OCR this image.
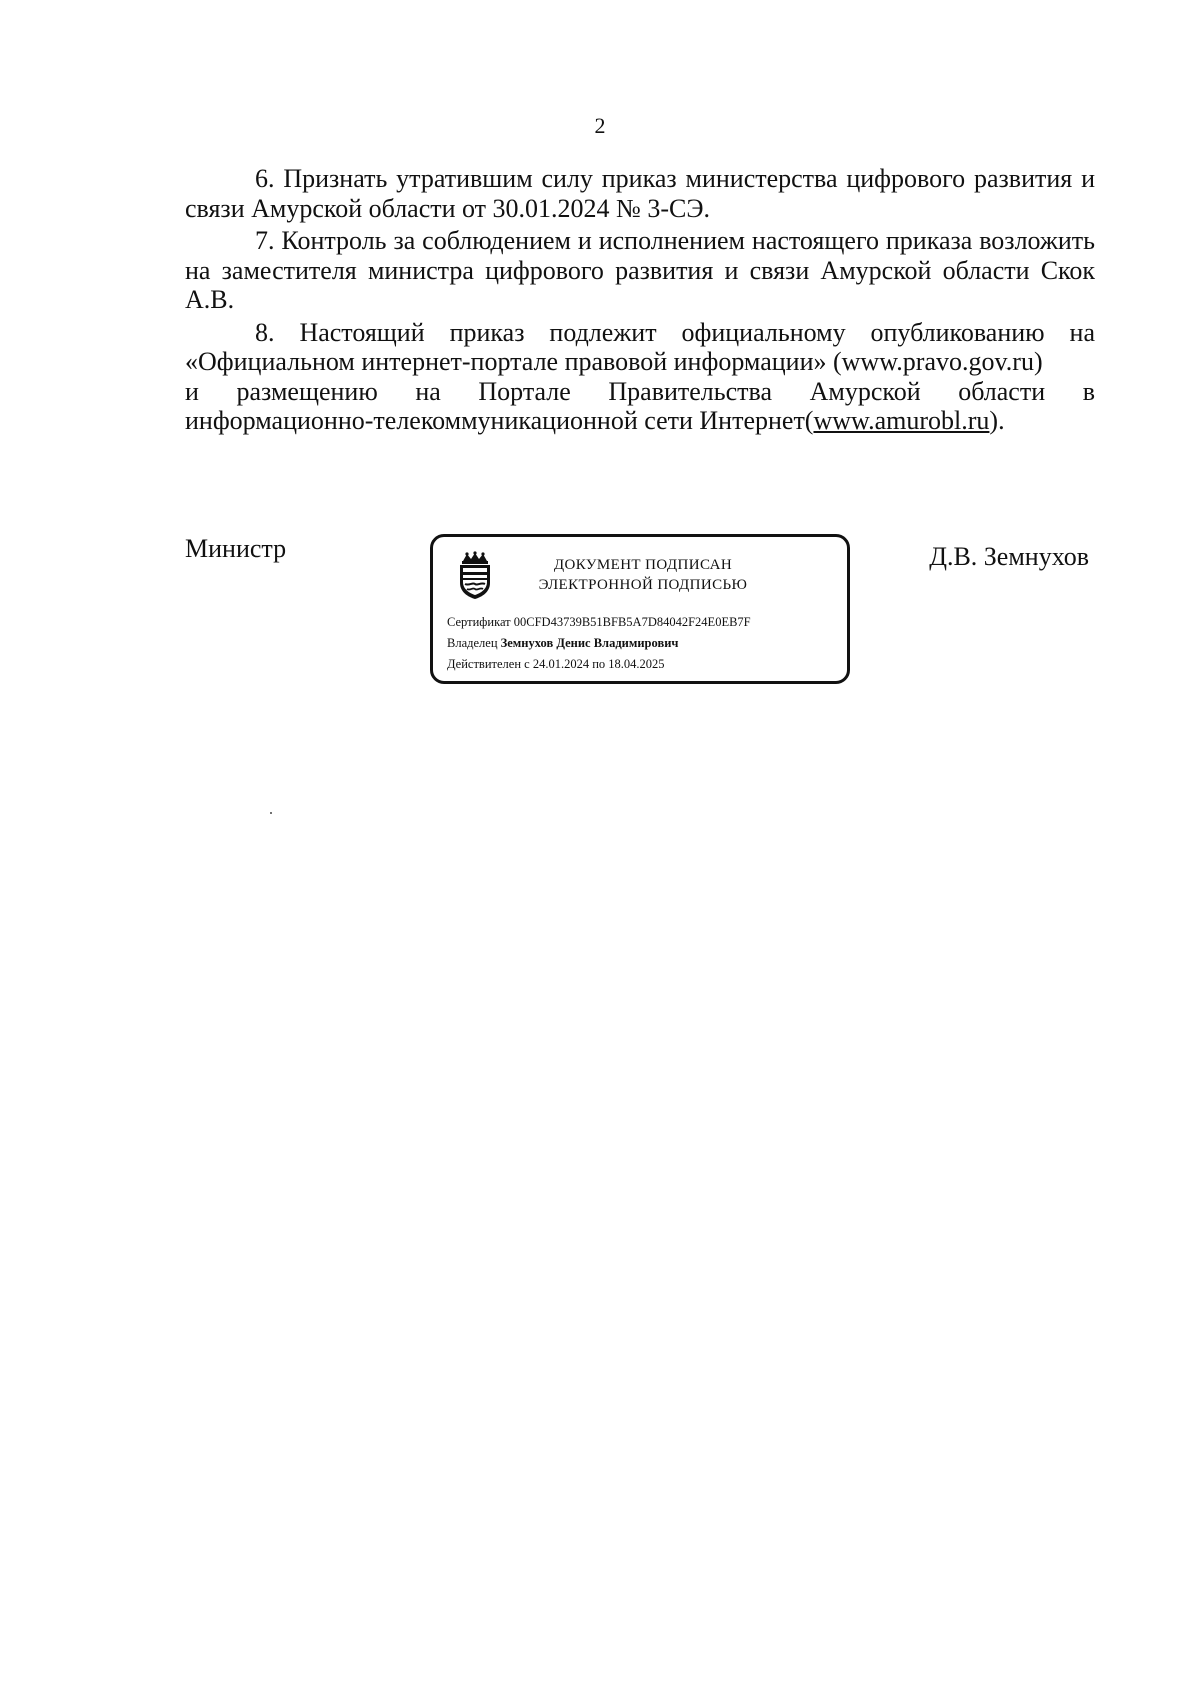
2

6. Признать утратившим силу приказ министерства цифрового развития и связи Амурской области от 30.01.2024 № 3-СЭ.

7. Контроль за соблюдением и исполнением настоящего приказа возложить на заместителя министра цифрового развития и связи Амурской области Скок А.В.

8. Настоящий приказ подлежит официальному опубликованию на «Официальном интернет-портале правовой информации» (www.pravo.gov.ru)

и размещению на Портале Правительства Амурской области в
информационно-телекоммуникационной сети Интернет(www.amurobl.ru).
Министр
ДОКУМЕНТ ПОДПИСАН
ЭЛЕКТРОННОЙ ПОДПИСЬЮ
Сертификат 00CFD43739B51BFB5A7D84042F24E0EB7F
Владелец Земнухов Денис Владимирович
Действителен с 24.01.2024 по 18.04.2025
Д.В. Земнухов
